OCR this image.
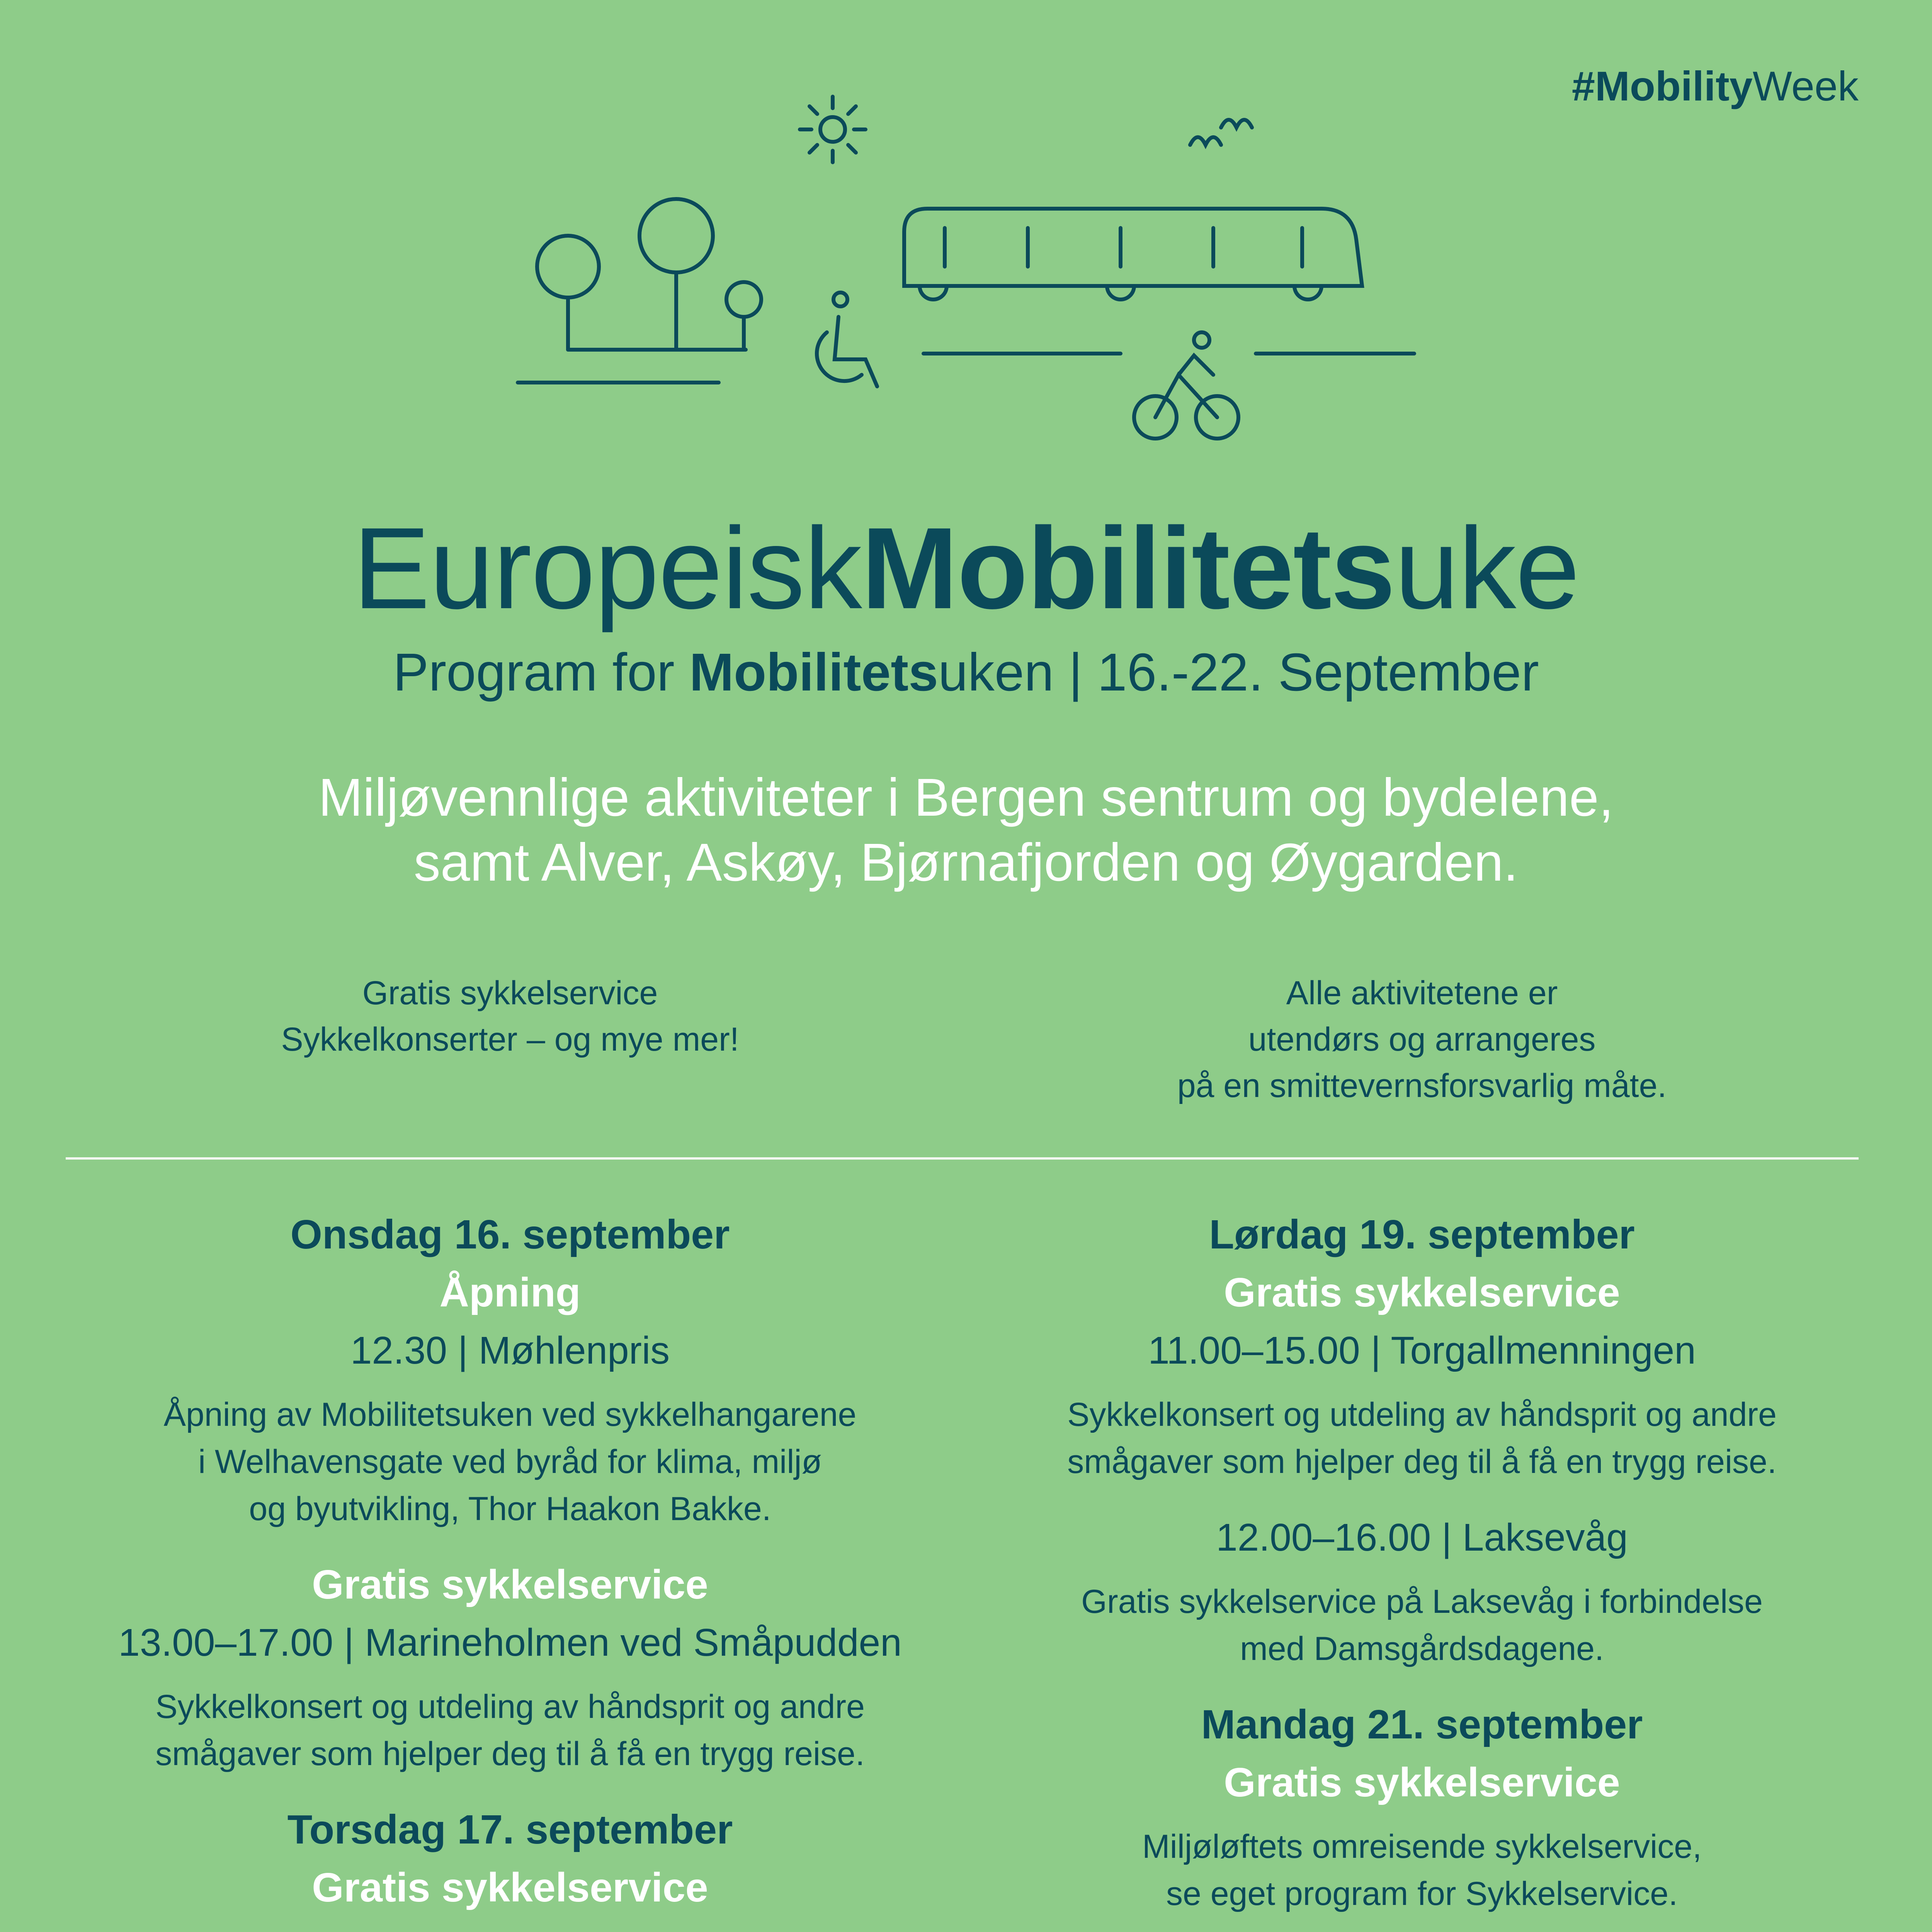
#MobilityWeek
EuropeiskMobilitetsuke
Program for Mobilitetsuken | 16.-22. September
Miljøvennlige aktiviteter i Bergen sentrum og bydelene,
samt Alver, Askøy, Bjørnafjorden og Øygarden.
Gratis sykkelservice
Sykkelkonserter – og mye mer!
Alle aktivitetene er
utendørs og arrangeres
på en smittevernsforsvarlig måte.
Onsdag 16. september
Åpning
12.30 | Møhlenpris
Åpning av Mobilitetsuken ved sykkelhangarene
i Welhavensgate ved byråd for klima, miljø
og byutvikling, Thor Haakon Bakke.
Gratis sykkelservice
13.00–17.00 | Marineholmen ved Småpudden
Sykkelkonsert og utdeling av håndsprit og andre
smågaver som hjelper deg til å få en trygg reise.
Torsdag 17. september
Gratis sykkelservice
Lørdag 19. september
Gratis sykkelservice
11.00–15.00 | Torgallmenningen
Sykkelkonsert og utdeling av håndsprit og andre
smågaver som hjelper deg til å få en trygg reise.
12.00–16.00 | Laksevåg
Gratis sykkelservice på Laksevåg i forbindelse
med Damsgårdsdagene.
Mandag 21. september
Gratis sykkelservice
Miljøløftets omreisende sykkelservice,
se eget program for Sykkelservice.
